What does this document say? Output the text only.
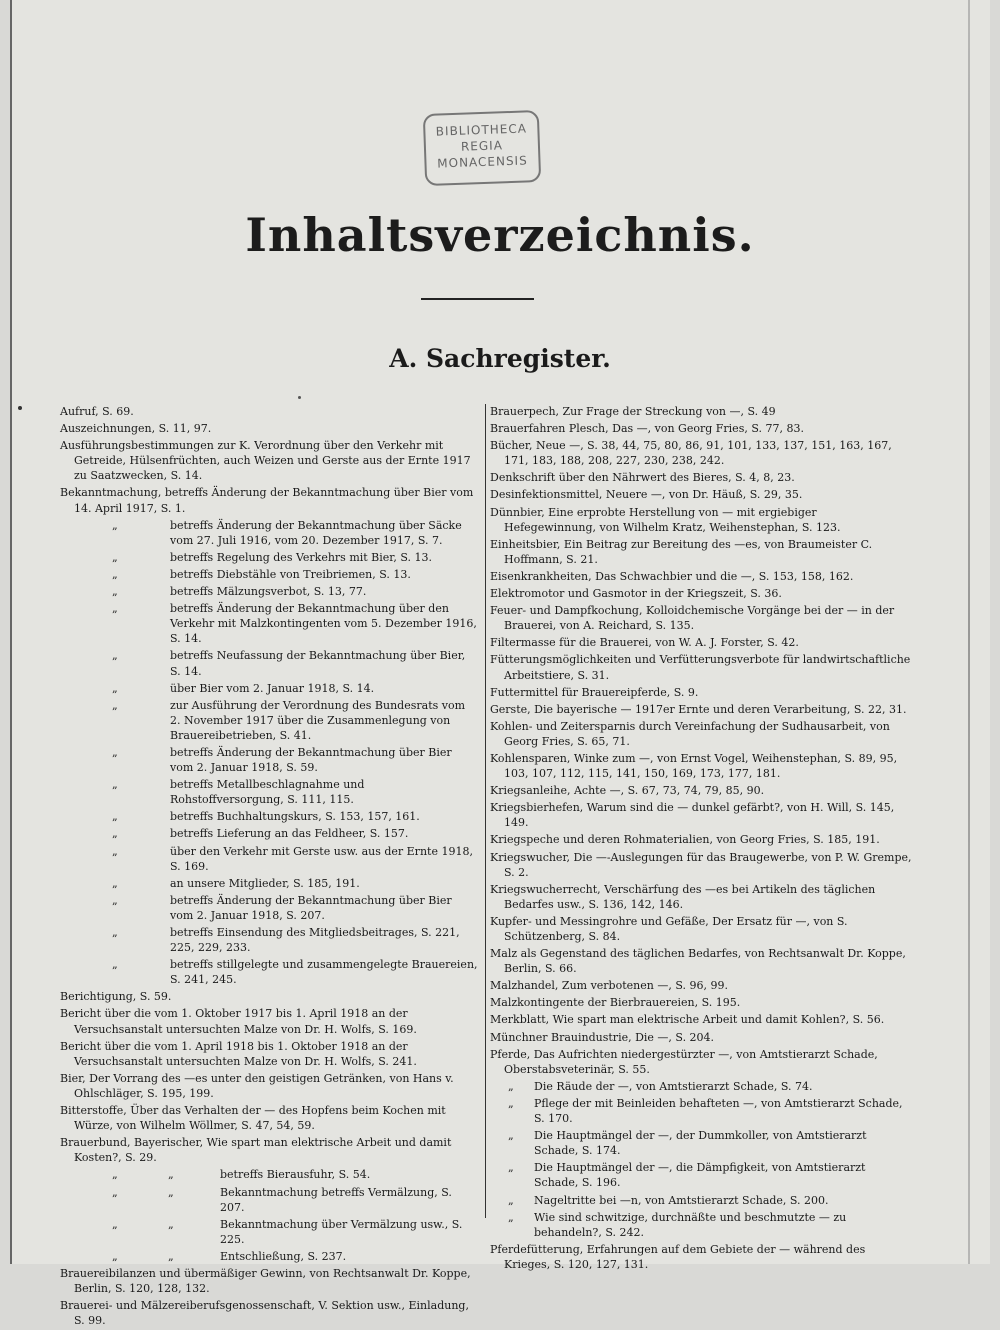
BIBLIOTHECA
REGIA
MONACENSIS
Inhaltsverzeichnis.
A. Sachregister.
Aufruf, S. 69.
Auszeichnungen, S. 11, 97.
Ausführungsbestimmungen zur K. Verordnung über den Verkehr mit Getreide, Hülsenfrüchten, auch Weizen und Gerste aus der Ernte 1917 zu Saatzwecken, S. 14.
Bekanntmachung, betreffs Änderung der Bekanntmachung über Bier vom 14. April 1917, S. 1.
„	betreffs Änderung der Bekanntmachung über Säcke vom 27. Juli 1916, vom 20. Dezember 1917, S. 7.
„	betreffs Regelung des Verkehrs mit Bier, S. 13.
„	betreffs Diebstähle von Treibriemen, S. 13.
„	betreffs Mälzungsverbot, S. 13, 77.
„	betreffs Änderung der Bekanntmachung über den Verkehr mit Malzkontingenten vom 5. Dezember 1916, S. 14.
„	betreffs Neufassung der Bekanntmachung über Bier, S. 14.
„	über Bier vom 2. Januar 1918, S. 14.
„	zur Ausführung der Verordnung des Bundesrats vom 2. November 1917 über die Zusammenlegung von Brauereibetrieben, S. 41.
„	betreffs Änderung der Bekanntmachung über Bier vom 2. Januar 1918, S. 59.
„	betreffs Metallbeschlagnahme und Rohstoffversorgung, S. 111, 115.
„	betreffs Buchhaltungskurs, S. 153, 157, 161.
„	betreffs Lieferung an das Feldheer, S. 157.
„	über den Verkehr mit Gerste usw. aus der Ernte 1918, S. 169.
„	an unsere Mitglieder, S. 185, 191.
„	betreffs Änderung der Bekanntmachung über Bier vom 2. Januar 1918, S. 207.
„	betreffs Einsendung des Mitgliedsbeitrages, S. 221, 225, 229, 233.
„	betreffs stillgelegte und zusammengelegte Brauereien, S. 241, 245.
Berichtigung, S. 59.
Bericht über die vom 1. Oktober 1917 bis 1. April 1918 an der Versuchsanstalt untersuchten Malze von Dr. H. Wolfs, S. 169.
Bericht über die vom 1. April 1918 bis 1. Oktober 1918 an der Versuchsanstalt untersuchten Malze von Dr. H. Wolfs, S. 241.
Bier, Der Vorrang des —es unter den geistigen Getränken, von Hans v. Ohlschläger, S. 195, 199.
Bitterstoffe, Über das Verhalten der — des Hopfens beim Kochen mit Würze, von Wilhelm Wöllmer, S. 47, 54, 59.
Brauerbund, Bayerischer, Wie spart man elektrische Arbeit und damit Kosten?, S. 29.
„	„	betreffs Bierausfuhr, S. 54.
„	„	Bekanntmachung betreffs Vermälzung, S. 207.
„	„	Bekanntmachung über Vermälzung usw., S. 225.
„	„	Entschließung, S. 237.
Brauereibilanzen und übermäßiger Gewinn, von Rechtsanwalt Dr. Koppe, Berlin, S. 120, 128, 132.
Brauerei- und Mälzereiberufsgenossenschaft, V. Sektion usw., Einladung, S. 99.
Brauerpech, Zur Frage der Streckung von —, S. 49
Brauerfahren Plesch, Das —, von Georg Fries, S. 77, 83.
Bücher, Neue —, S. 38, 44, 75, 80, 86, 91, 101, 133, 137, 151, 163, 167, 171, 183, 188, 208, 227, 230, 238, 242.
Denkschrift über den Nährwert des Bieres, S. 4, 8, 23.
Desinfektionsmittel, Neuere —, von Dr. Häuß, S. 29, 35.
Dünnbier, Eine erprobte Herstellung von — mit ergiebiger Hefegewinnung, von Wilhelm Kratz, Weihenstephan, S. 123.
Einheitsbier, Ein Beitrag zur Bereitung des —es, von Braumeister C. Hoffmann, S. 21.
Eisenkrankheiten, Das Schwachbier und die —, S. 153, 158, 162.
Elektromotor und Gasmotor in der Kriegszeit, S. 36.
Feuer- und Dampfkochung, Kolloidchemische Vorgänge bei der — in der Brauerei, von A. Reichard, S. 135.
Filtermasse für die Brauerei, von W. A. J. Forster, S. 42.
Fütterungsmöglichkeiten und Verfütterungsverbote für landwirtschaftliche Arbeitstiere, S. 31.
Futtermittel für Brauereipferde, S. 9.
Gerste, Die bayerische — 1917er Ernte und deren Verarbeitung, S. 22, 31.
Kohlen- und Zeitersparnis durch Vereinfachung der Sudhausarbeit, von Georg Fries, S. 65, 71.
Kohlensparen, Winke zum —, von Ernst Vogel, Weihenstephan, S. 89, 95, 103, 107, 112, 115, 141, 150, 169, 173, 177, 181.
Kriegsanleihe, Achte —, S. 67, 73, 74, 79, 85, 90.
Kriegsbierhefen, Warum sind die — dunkel gefärbt?, von H. Will, S. 145, 149.
Kriegspeche und deren Rohmaterialien, von Georg Fries, S. 185, 191.
Kriegswucher, Die —-Auslegungen für das Braugewerbe, von P. W. Grempe, S. 2.
Kriegswucherrecht, Verschärfung des —es bei Artikeln des täglichen Bedarfes usw., S. 136, 142, 146.
Kupfer- und Messingrohre und Gefäße, Der Ersatz für —, von S. Schützenberg, S. 84.
Malz als Gegenstand des täglichen Bedarfes, von Rechtsanwalt Dr. Koppe, Berlin, S. 66.
Malzhandel, Zum verbotenen —, S. 96, 99.
Malzkontingente der Bierbrauereien, S. 195.
Merkblatt, Wie spart man elektrische Arbeit und damit Kohlen?, S. 56.
Münchner Brauindustrie, Die —, S. 204.
Pferde, Das Aufrichten niedergestürzter —, von Amtstierarzt Schade, Oberstabsveterinär, S. 55.
„ Die Räude der —, von Amtstierarzt Schade, S. 74.
„ Pflege der mit Beinleiden behafteten —, von Amtstierarzt Schade, S. 170.
„ Die Hauptmängel der —, der Dummkoller, von Amtstierarzt Schade, S. 174.
„ Die Hauptmängel der —, die Dämpfigkeit, von Amtstierarzt Schade, S. 196.
„ Nageltritte bei —n, von Amtstierarzt Schade, S. 200.
„ Wie sind schwitzige, durchnäßte und beschmutzte — zu behandeln?, S. 242.
Pferdefütterung, Erfahrungen auf dem Gebiete der — während des Krieges, S. 120, 127, 131.
